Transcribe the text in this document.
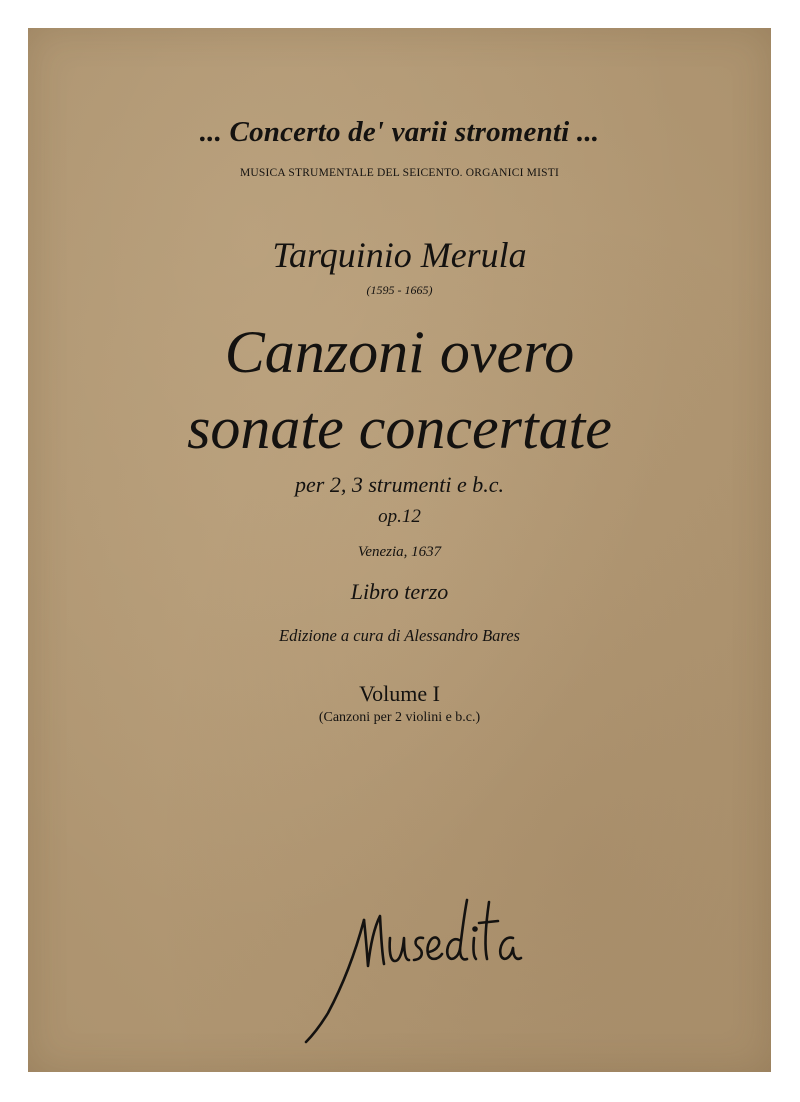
... Concerto de' varii stromenti ...
MUSICA STRUMENTALE DEL SEICENTO. ORGANICI MISTI
Tarquinio Merula
(1595 - 1665)
Canzoni overo
sonate concertate
per 2, 3 strumenti e b.c.
op.12
Venezia, 1637
Libro terzo
Edizione a cura di Alessandro Bares
Volume I
(Canzoni per 2 violini e b.c.)
